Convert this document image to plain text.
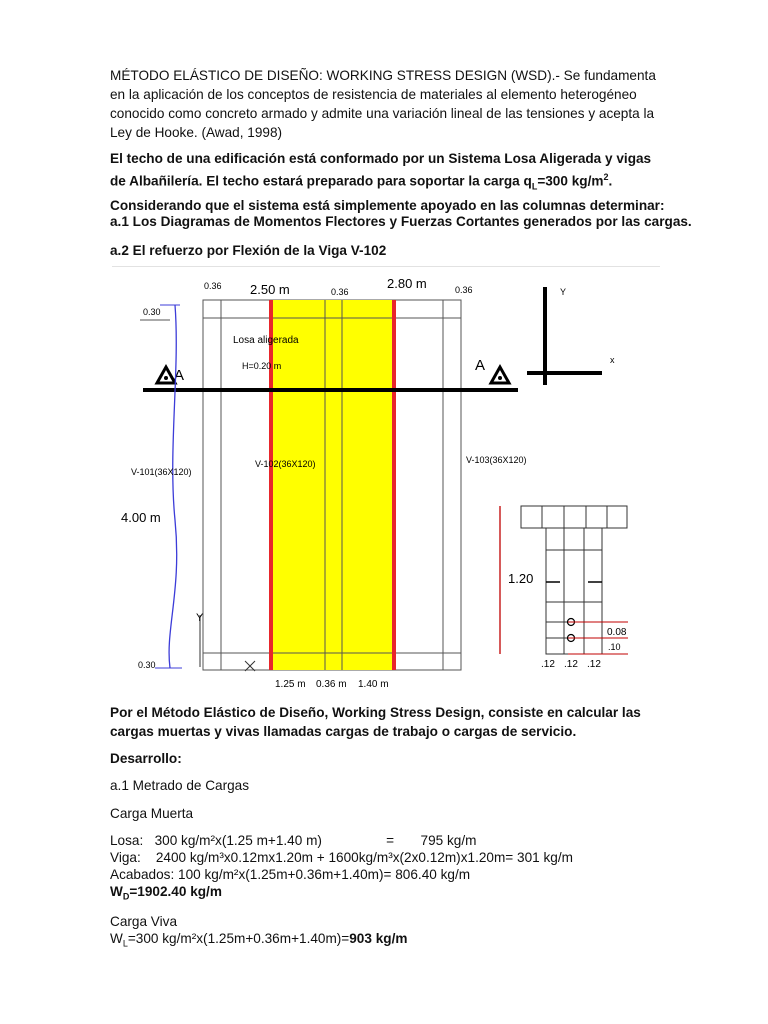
MÉTODO ELÁSTICO DE DISEÑO: WORKING STRESS DESIGN (WSD).- Se fundamenta en la aplicación de los conceptos de resistencia de materiales al elemento heterogéneo conocido como concreto armado y admite una variación lineal de las tensiones y acepta la Ley de Hooke. (Awad, 1998)

El techo de una edificación está conformado por un Sistema Losa Aligerada y vigas de Albañilería. El techo estará preparado para soportar la carga $q_L=300$ $kg/m^2$. Considerando que el sistema está simplemente apoyado en las columnas determinar:

a.1 Los Diagramas de Momentos Flectores y Fuerzas Cortantes generados por las cargas.

a.2 El refuerzo por Flexión de la Viga V-102

A
A
0.36 2.50 m	0.36
2.80 m	0.36
0.30
4.00 m
0.30
Losa aligerada
H=0.20 m
V-101(36X120)
V-102(36X120)	V-103(36X120)
1.25 m 0.36 m 1.40 m
Y
Y
x
1.20
0.08
.10
.12 .12 .12

Por el Método Elástico de Diseño, Working Stress Design, consiste en calcular las cargas muertas y vivas llamadas cargas de trabajo o cargas de servicio.

Desarrollo:

a.1 Metrado de Cargas

Carga Muerta

Losa:   300 kg/m²x(1.25 m+1.40 m)                 =       795 kg/m

Viga:    2400 kg/m³x0.12mx1.20m + 1600kg/m³x(2x0.12m)x1.20m= 301 kg/m

Acabados: 100 kg/m²x(1.25m+0.36m+1.40m)= 806.40 kg/m

$W_D=1902.40$ kg/m

Carga Viva

$W_L=300$ kg/m²x(1.25m+0.36m+1.40m)=903 kg/m
